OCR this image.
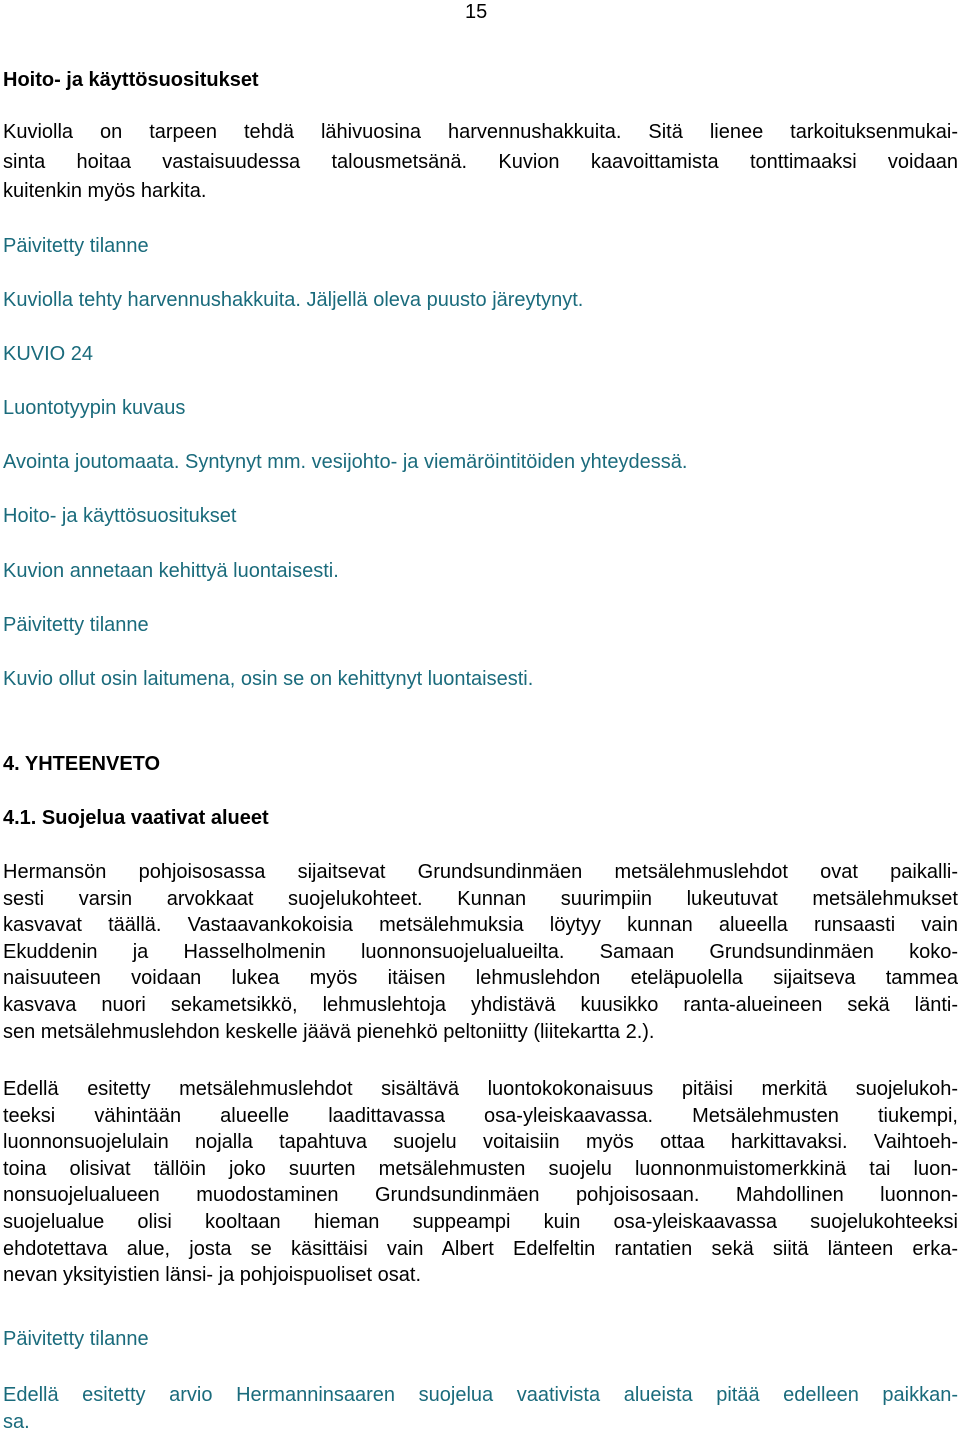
15
Hoito- ja käyttösuositukset
Kuviolla on tarpeen tehdä lähivuosina harvennushakkuita. Sitä lienee tarkoituksenmukai-
sinta hoitaa vastaisuudessa talousmetsänä. Kuvion kaavoittamista tonttimaaksi voidaan
kuitenkin myös harkita.
Päivitetty tilanne
Kuviolla tehty harvennushakkuita. Jäljellä oleva puusto järeytynyt.
KUVIO 24
Luontotyypin kuvaus
Avointa joutomaata. Syntynyt mm. vesijohto- ja viemäröintitöiden yhteydessä.
Hoito- ja käyttösuositukset
Kuvion annetaan kehittyä luontaisesti.
Päivitetty tilanne
Kuvio ollut osin laitumena, osin se on kehittynyt luontaisesti.
4. YHTEENVETO
4.1. Suojelua vaativat alueet
Hermansön pohjoisosassa sijaitsevat Grundsundinmäen metsälehmuslehdot ovat paikalli-
sesti varsin arvokkaat suojelukohteet. Kunnan suurimpiin lukeutuvat metsälehmukset
kasvavat täällä. Vastaavankokoisia metsälehmuksia löytyy kunnan alueella runsaasti vain
Ekuddenin ja Hasselholmenin luonnonsuojelualueilta. Samaan Grundsundinmäen koko-
naisuuteen voidaan lukea myös itäisen lehmuslehdon eteläpuolella sijaitseva tammea
kasvava nuori sekametsikkö, lehmuslehtoja yhdistävä kuusikko ranta-alueineen sekä länti-
sen metsälehmuslehdon keskelle jäävä pienehkö peltoniitty (liitekartta 2.).
Edellä esitetty metsälehmuslehdot sisältävä luontokokonaisuus pitäisi merkitä suojelukoh-
teeksi vähintään alueelle laadittavassa osa-yleiskaavassa. Metsälehmusten tiukempi,
luonnonsuojelulain nojalla tapahtuva suojelu voitaisiin myös ottaa harkittavaksi. Vaihtoeh-
toina olisivat tällöin joko suurten metsälehmusten suojelu luonnonmuistomerkkinä tai luon-
nonsuojelualueen muodostaminen Grundsundinmäen pohjoisosaan. Mahdollinen luonnon-
suojelualue olisi kooltaan hieman suppeampi kuin osa-yleiskaavassa suojelukohteeksi
ehdotettava alue, josta se käsittäisi vain Albert Edelfeltin rantatien sekä siitä länteen erka-
nevan yksityistien länsi- ja pohjoispuoliset osat.
Päivitetty tilanne
Edellä esitetty arvio Hermanninsaaren suojelua vaativista alueista pitää edelleen paikkan-
sa.
